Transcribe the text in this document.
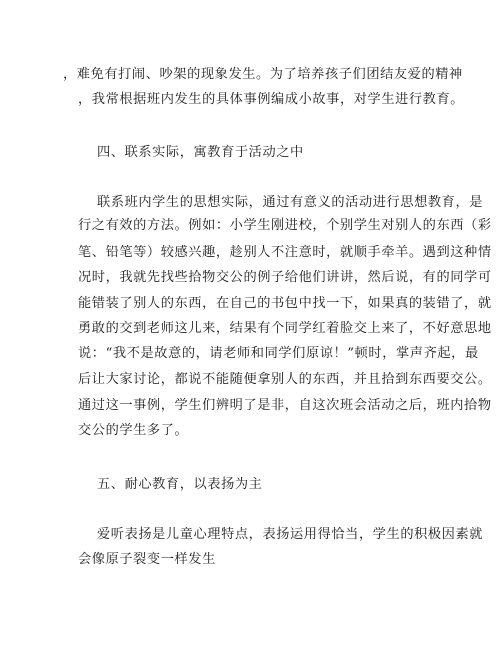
，难免有打闹、吵架的现象发生。为了培养孩子们团结友爱的精神
，我常根据班内发生的具体事例编成小故事，对学生进行教育。
四、联系实际，寓教育于活动之中
联系班内学生的思想实际，通过有意义的活动进行思想教育，是
行之有效的方法。例如：小学生刚进校，个别学生对别人的东西（彩
笔、铅笔等）较感兴趣，趁别人不注意时，就顺手牵羊。遇到这种情
况时，我就先找些拾物交公的例子给他们讲讲，然后说，有的同学可
能错装了别人的东西，在自己的书包中找一下，如果真的装错了，就
勇敢的交到老师这儿来，结果有个同学红着脸交上来了，不好意思地
说：“我不是故意的，请老师和同学们原谅！”顿时，掌声齐起，最
后让大家讨论，都说不能随便拿别人的东西，并且拾到东西要交公。
通过这一事例，学生们辨明了是非，自这次班会活动之后，班内拾物
交公的学生多了。
五、耐心教育，以表扬为主
爱听表扬是儿童心理特点，表扬运用得恰当，学生的积极因素就
会像原子裂变一样发生
